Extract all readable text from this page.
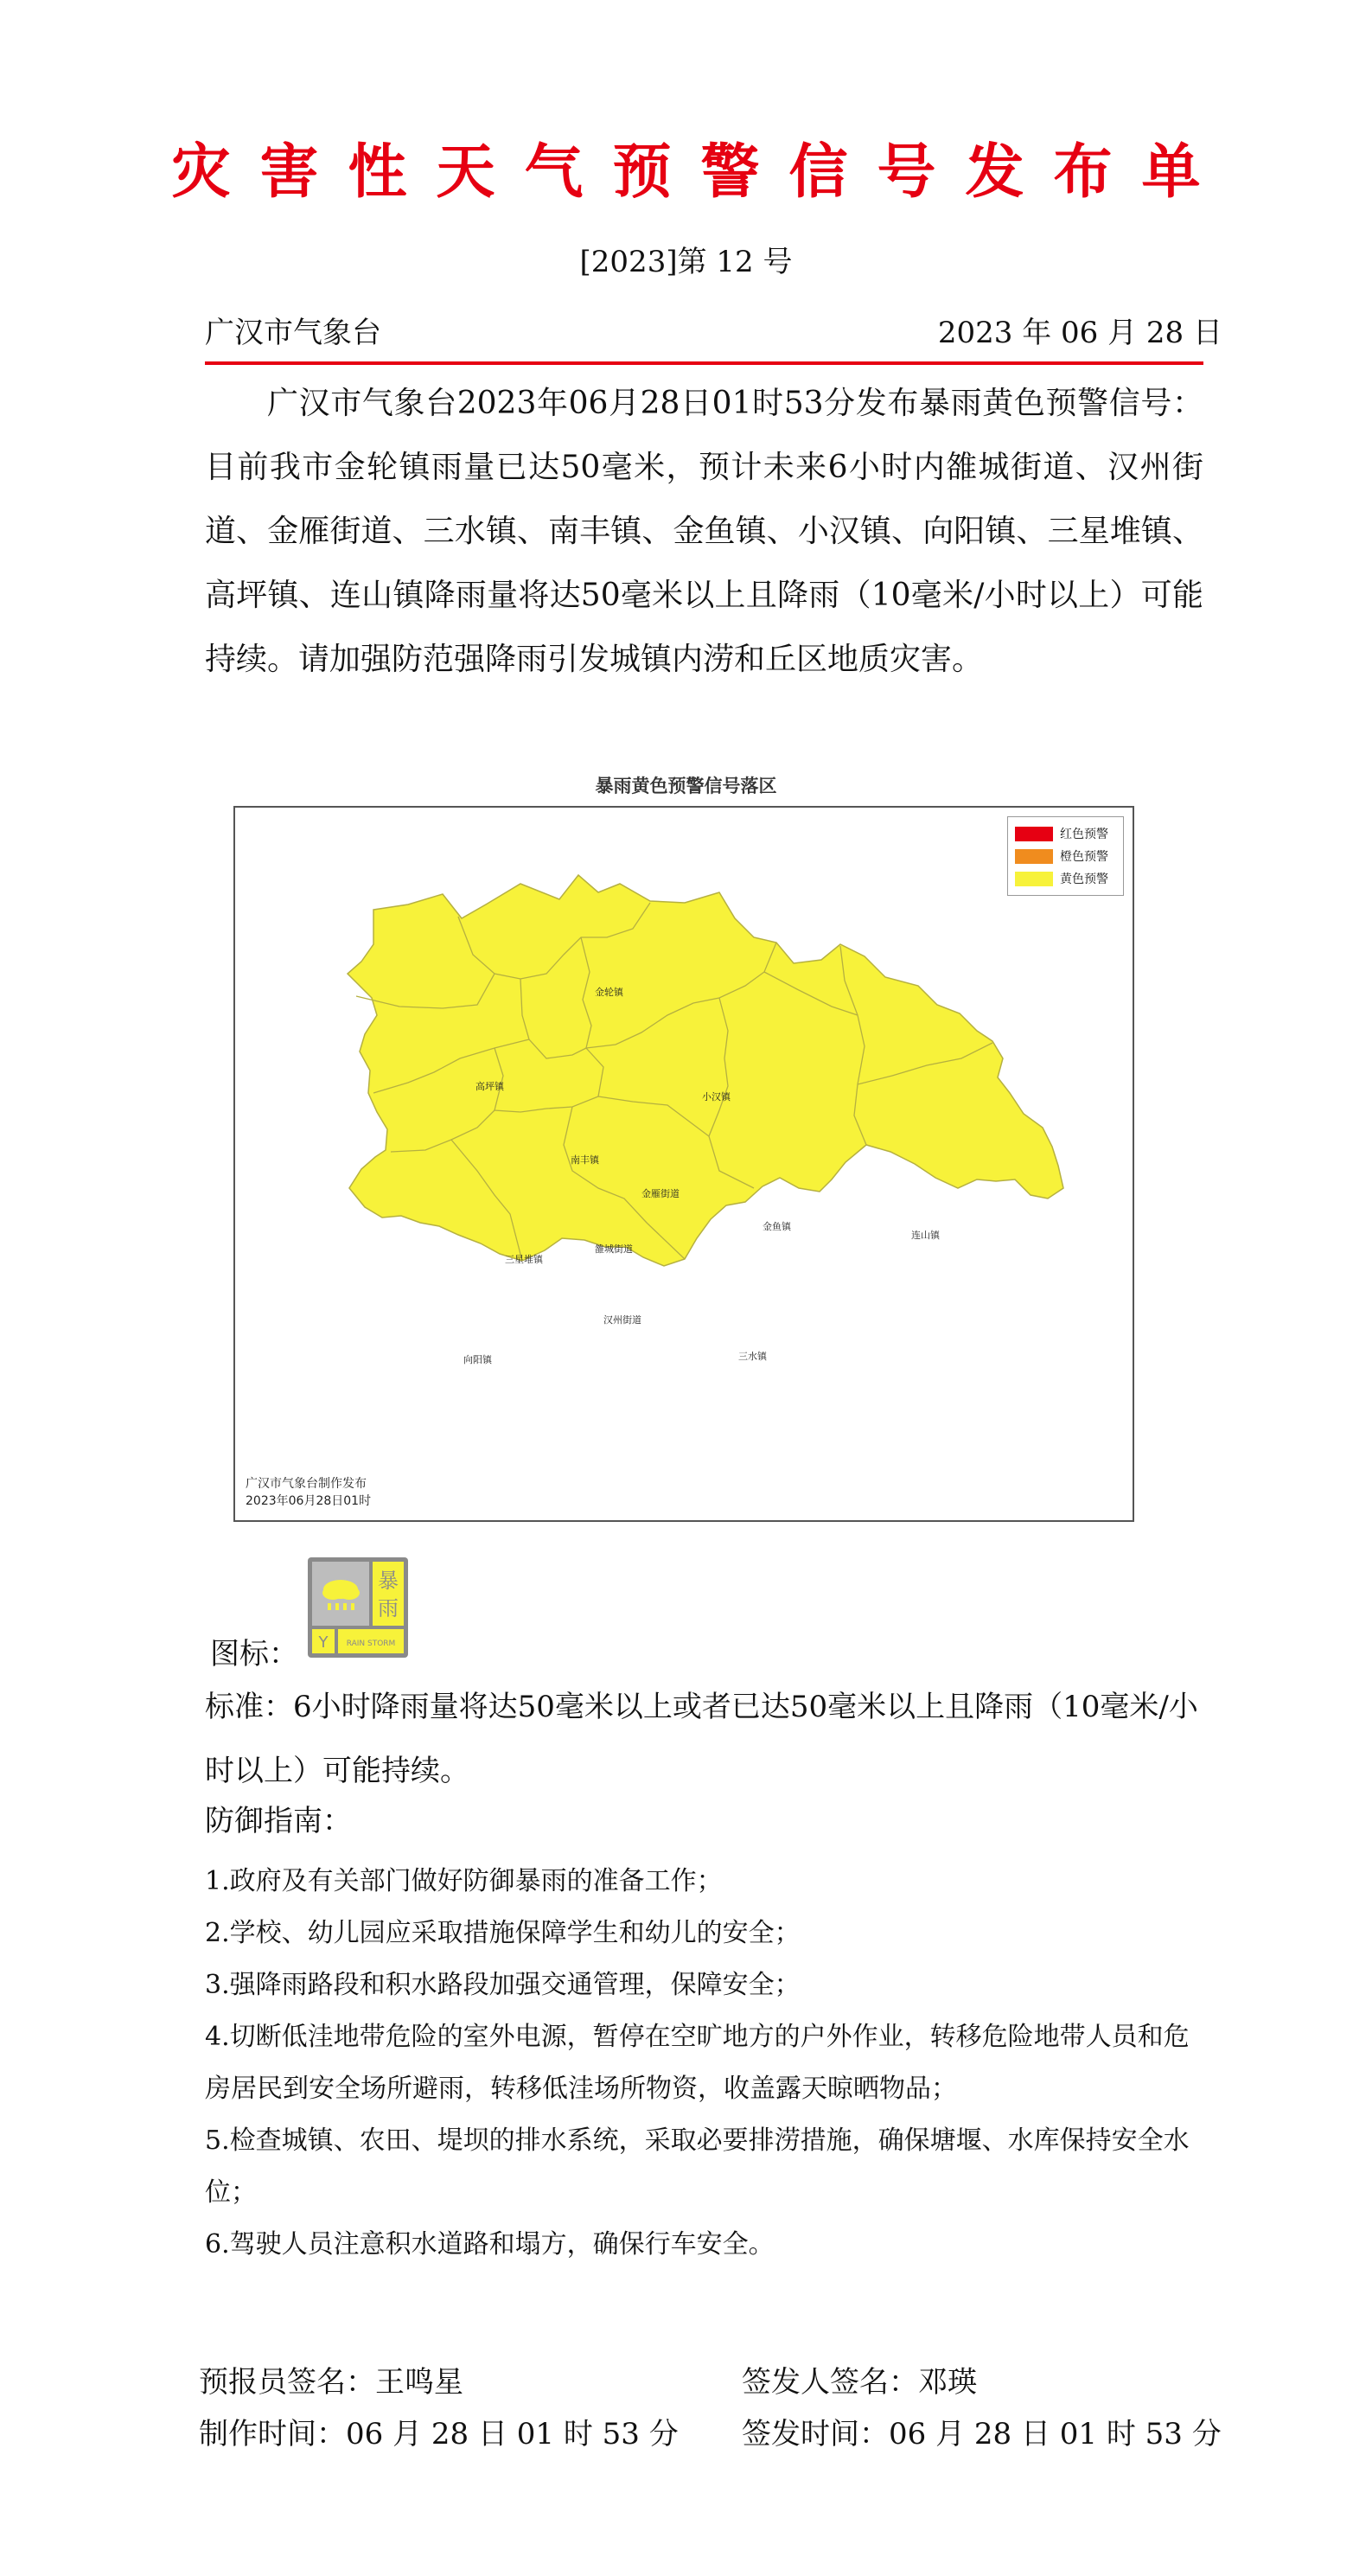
灾害性天气预警信号发布单
[2023]第 12 号
广汉市气象台	2023 年 06 月 28 日
广汉市气象台2023年06月28日01时53分发布暴雨黄色预警信号：目前我市金轮镇雨量已达50毫米，预计未来6小时内雒城街道、汉州街道、金雁街道、三水镇、南丰镇、金鱼镇、小汉镇、向阳镇、三星堆镇、高坪镇、连山镇降雨量将达50毫米以上且降雨（10毫米/小时以上）可能持续。请加强防范强降雨引发城镇内涝和丘区地质灾害。
暴雨黄色预警信号落区
金轮镇
高坪镇
小汉镇
南丰镇
金雁街道
三星堆镇
雒城街道
金鱼镇
连山镇
汉州街道
向阳镇	三水镇
红色预警
橙色预警
黄色预警
广汉市气象台制作发布
2023年06月28日01时
图标：
暴
雨
Y RAIN STORM
标准：6小时降雨量将达50毫米以上或者已达50毫米以上且降雨（10毫米/小时以上）可能持续。
防御指南：
1.政府及有关部门做好防御暴雨的准备工作；
2.学校、幼儿园应采取措施保障学生和幼儿的安全；
3.强降雨路段和积水路段加强交通管理，保障安全；
4.切断低洼地带危险的室外电源，暂停在空旷地方的户外作业，转移危险地带人员和危房居民到安全场所避雨，转移低洼场所物资，收盖露天晾晒物品；
5.检查城镇、农田、堤坝的排水系统，采取必要排涝措施，确保塘堰、水库保持安全水位；
6.驾驶人员注意积水道路和塌方，确保行车安全。
预报员签名：王鸣星	签发人签名：邓瑛
制作时间：06 月 28 日 01 时 53 分 签发时间：06 月 28 日 01 时 53 分
